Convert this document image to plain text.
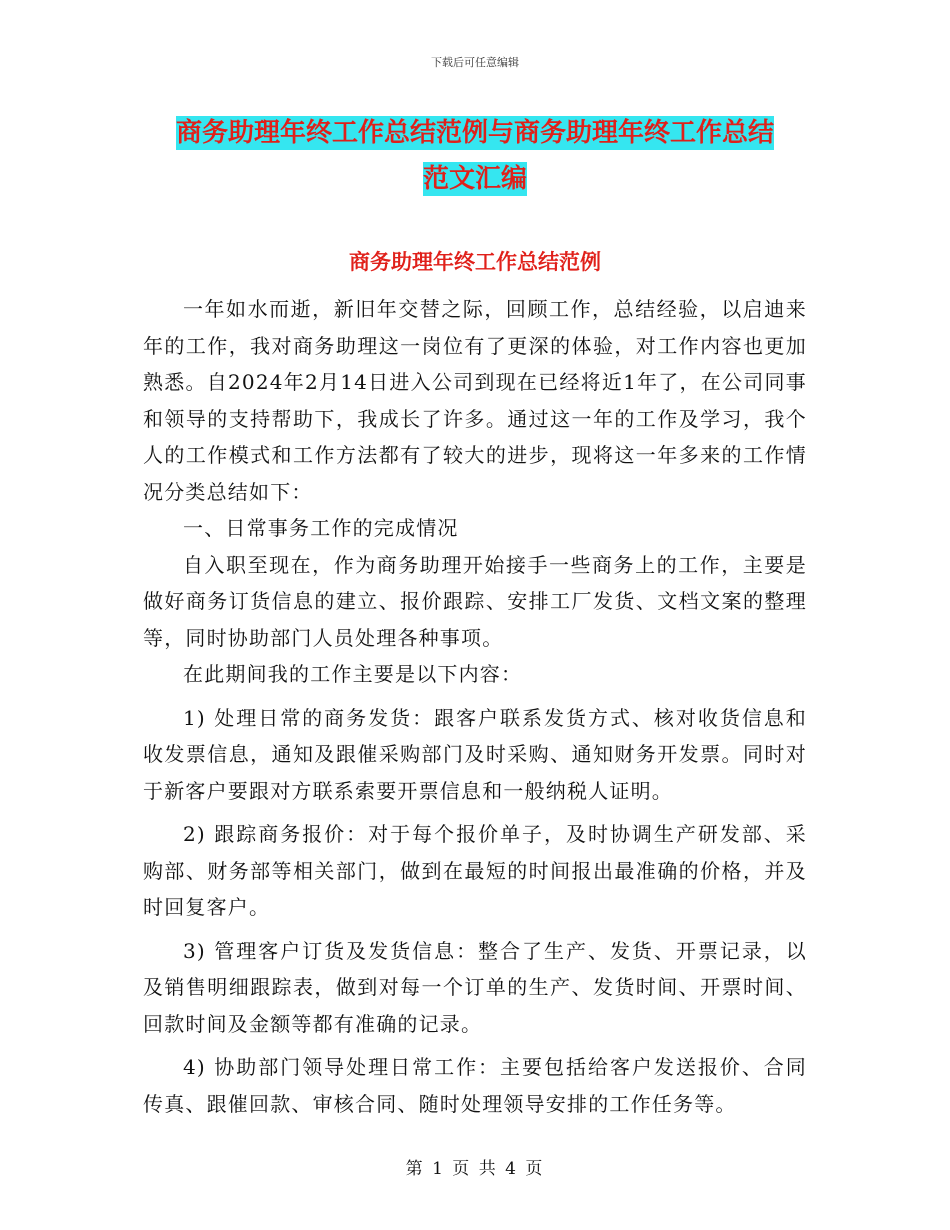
下载后可任意编辑
商务助理年终工作总结范例与商务助理年终工作总结
范文汇编
商务助理年终工作总结范例

一年如水而逝，新旧年交替之际，回顾工作，总结经验，以启迪来年的工作，我对商务助理这一岗位有了更深的体验，对工作内容也更加熟悉。自2024年2月14日进入公司到现在已经将近1年了，在公司同事和领导的支持帮助下，我成长了许多。通过这一年的工作及学习，我个人的工作模式和工作方法都有了较大的进步，现将这一年多来的工作情况分类总结如下：

一、日常事务工作的完成情况

自入职至现在，作为商务助理开始接手一些商务上的工作，主要是做好商务订货信息的建立、报价跟踪、安排工厂发货、文档文案的整理等，同时协助部门人员处理各种事项。

在此期间我的工作主要是以下内容：

1) 处理日常的商务发货：跟客户联系发货方式、核对收货信息和收发票信息，通知及跟催采购部门及时采购、通知财务开发票。同时对于新客户要跟对方联系索要开票信息和一般纳税人证明。

2) 跟踪商务报价：对于每个报价单子，及时协调生产研发部、采购部、财务部等相关部门，做到在最短的时间报出最准确的价格，并及时回复客户。

3) 管理客户订货及发货信息：整合了生产、发货、开票记录，以及销售明细跟踪表，做到对每一个订单的生产、发货时间、开票时间、回款时间及金额等都有准确的记录。

4) 协助部门领导处理日常工作：主要包括给客户发送报价、合同传真、跟催回款、审核合同、随时处理领导安排的工作任务等。

第 1 页 共 4 页
